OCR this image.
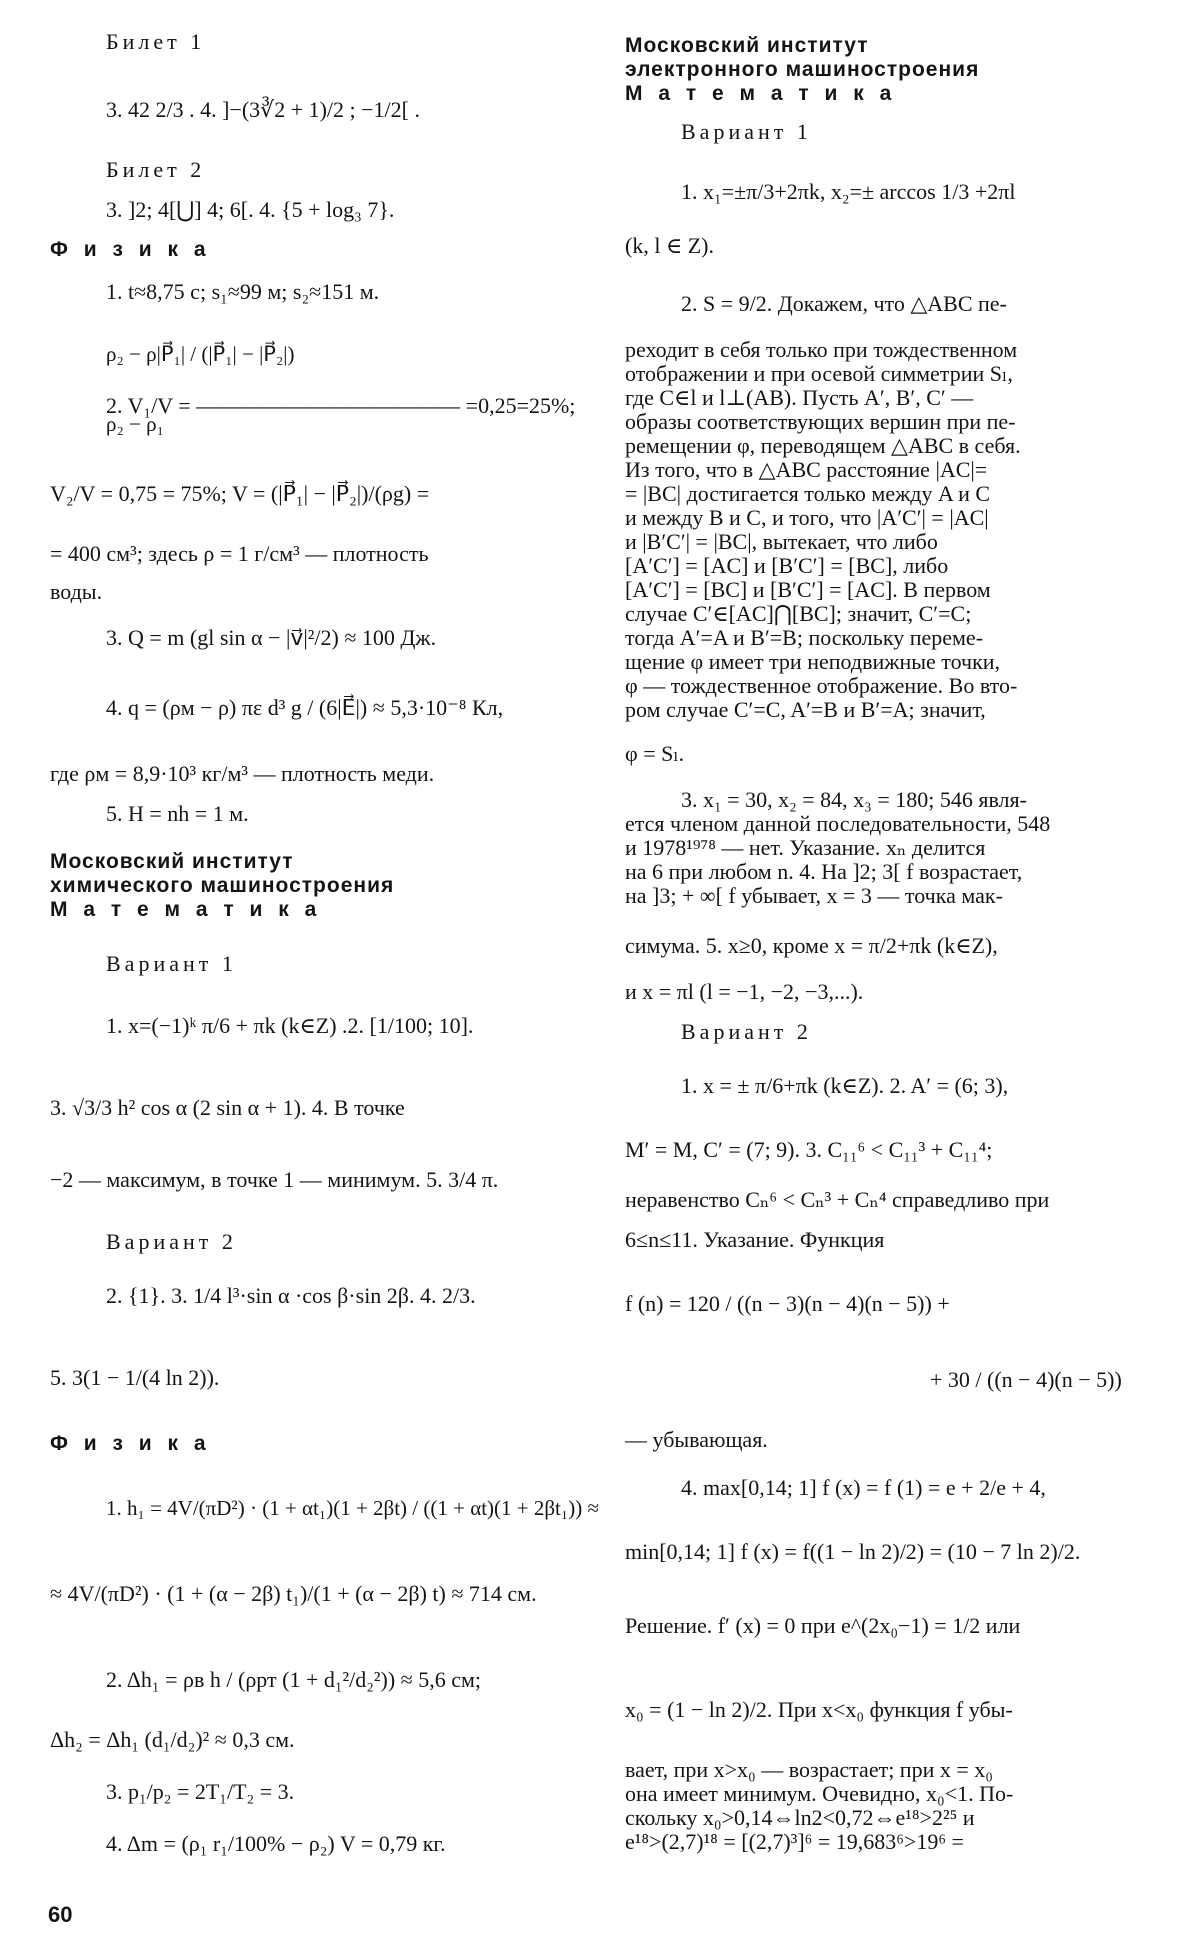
Билет 1
3. 42 2/3 . 4. ]−(3∛2 + 1)/2 ; −1/2[ .
Билет 2
3. ]2; 4[⋃] 4; 6[. 4. {5 + log₃ 7}.
Ф и з и к а
1. t≈8,75 с; s₁≈99 м; s₂≈151 м.
ρ₂ − ρ|P⃗₁| / (|P⃗₁| − |P⃗₂|)
2. V₁/V = ———————————— =0,25=25%;
ρ₂ − ρ₁
V₂/V = 0,75 = 75%; V = (|P⃗₁| − |P⃗₂|)/(ρg) =
= 400 см³; здесь ρ = 1 г/см³ — плотность
воды.
3. Q = m (gl sin α − |v⃗|²/2) ≈ 100 Дж.
4. q = (ρм − ρ) πε d³ g / (6|E⃗|) ≈ 5,3·10⁻⁸ Кл,
где ρм = 8,9·10³ кг/м³ — плотность меди.
5. H = nh = 1 м.
Московский институт
химического машиностроения
М а т е м а т и к а
Вариант 1
1. x=(−1)ᵏ π/6 + πk (k∈Z) .2. [1/100; 10].
3. √3/3 h² cos α (2 sin α + 1). 4. В точке
−2 — максимум, в точке 1 — минимум. 5. 3/4 π.
Вариант 2
2. {1}. 3. 1/4 l³·sin α ·cos β·sin 2β. 4. 2/3.
5. 3(1 − 1/(4 ln 2)).
Ф и з и к а
1. h₁ = 4V/(πD²) · (1 + αt₁)(1 + 2βt) / ((1 + αt)(1 + 2βt₁)) ≈
≈ 4V/(πD²) · (1 + (α − 2β) t₁)/(1 + (α − 2β) t) ≈ 714 см.
2. Δh₁ = ρв h / (ρрт (1 + d₁²/d₂²)) ≈ 5,6 см;
Δh₂ = Δh₁ (d₁/d₂)² ≈ 0,3 см.
3. p₁/p₂ = 2T₁/T₂ = 3.
4. Δm = (ρ₁ r₁/100% − ρ₂) V = 0,79 кг.
Московский институт
электронного машиностроения
М а т е м а т и к а
Вариант 1
1. x₁=±π/3+2πk, x₂=± arccos 1/3 +2πl
(k, l ∈ Z).
2. S = 9/2. Докажем, что △ABC пе-
реходит в себя только при тождественном
отображении и при осевой симметрии Sₗ,
где C∈l и l⊥(AB). Пусть A′, B′, C′ —
образы соответствующих вершин при пе-
ремещении φ, переводящем △ABC в себя.
Из того, что в △ABC расстояние |AC|=
= |BC| достигается только между A и C
и между B и C, и того, что |A′C′| = |AC|
и |B′C′| = |BC|, вытекает, что либо
[A′C′] = [AC] и [B′C′] = [BC], либо
[A′C′] = [BC] и [B′C′] = [AC]. В первом
случае C′∈[AC]⋂[BC]; значит, C′=C;
тогда A′=A и B′=B; поскольку переме-
щение φ имеет три неподвижные точки,
φ — тождественное отображение. Во вто-
ром случае C′=C, A′=B и B′=A; значит,
φ = Sₗ.
3. x₁ = 30, x₂ = 84, x₃ = 180; 546 явля-
ется членом данной последовательности, 548
и 1978¹⁹⁷⁸ — нет. Указание. xₙ делится
на 6 при любом n. 4. На ]2; 3[ f возрастает,
на ]3; + ∞[ f убывает, x = 3 — точка мак-
симума. 5. x≥0, кроме x = π/2+πk (k∈Z),
и x = πl (l = −1, −2, −3,...).
Вариант 2
1. x = ± π/6+πk (k∈Z). 2. A′ = (6; 3),
M′ = M, C′ = (7; 9). 3. C₁₁⁶ < C₁₁³ + C₁₁⁴;
неравенство Cₙ⁶ < Cₙ³ + Cₙ⁴ справедливо при
6≤n≤11. Указание. Функция
f (n) = 120 / ((n − 3)(n − 4)(n − 5)) +
+ 30 / ((n − 4)(n − 5))
— убывающая.
4. max[0,14; 1] f (x) = f (1) = e + 2/e + 4,
min[0,14; 1] f (x) = f((1 − ln 2)/2) = (10 − 7 ln 2)/2.
Решение. f′ (x) = 0 при e^(2x₀−1) = 1/2 или
x₀ = (1 − ln 2)/2. При x<x₀ функция f убы-
вает, при x>x₀ — возрастает; при x = x₀
она имеет минимум. Очевидно, x₀<1. По-
скольку x₀>0,14⇔ln2<0,72⇔e¹⁸>2²⁵ и
e¹⁸>(2,7)¹⁸ = [(2,7)³]⁶ = 19,683⁶>19⁶ =
60
